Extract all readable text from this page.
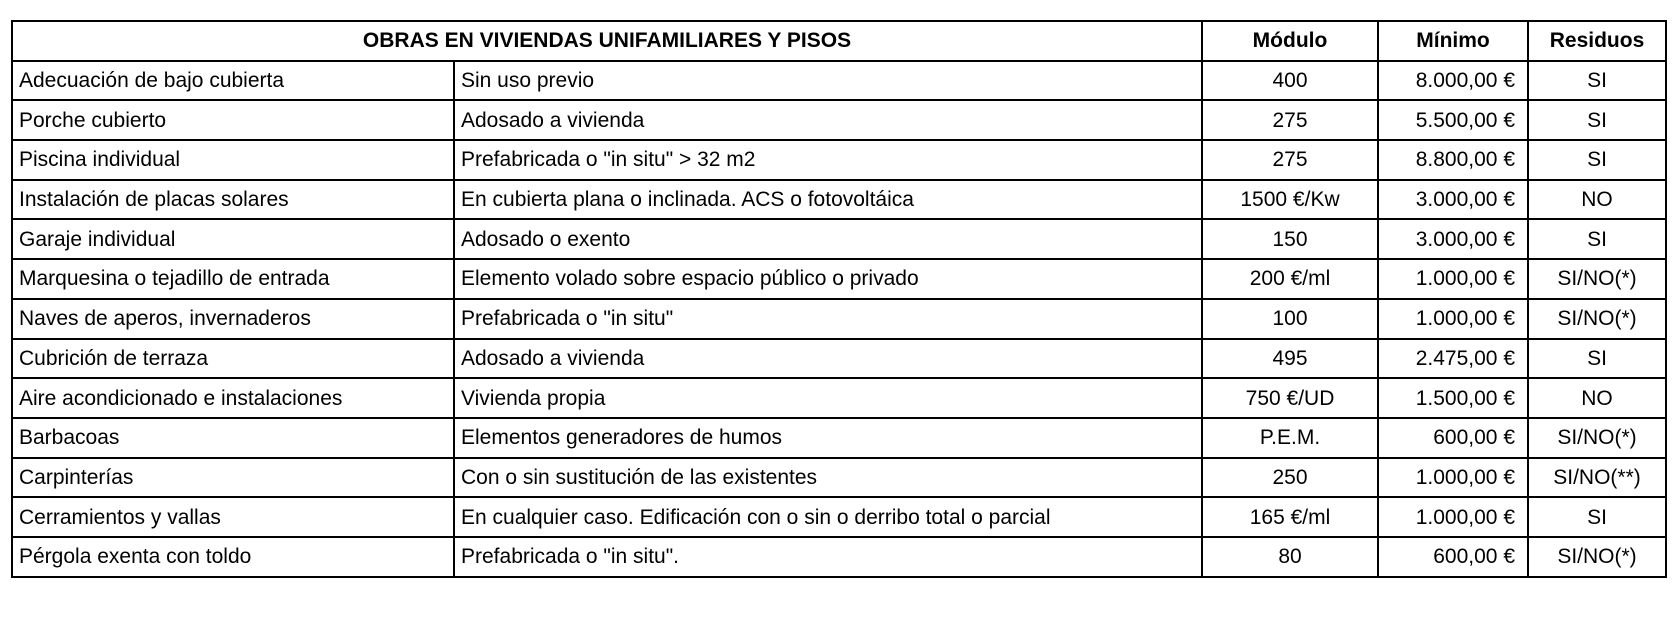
OBRAS EN VIVIENDAS UNIFAMILIARES Y PISOS		Módulo	Mínimo	Residuos
Adecuación de bajo cubierta	Sin uso previo	400	8.000,00 €	SI
Porche cubierto	Adosado a vivienda	275	5.500,00 €	SI
Piscina individual	Prefabricada o "in situ" > 32 m2	275	8.800,00 €	SI
Instalación de placas solares	En cubierta plana o inclinada. ACS o fotovoltáica	1500 €/Kw	3.000,00 €	NO
Garaje individual	Adosado o exento	150	3.000,00 €	SI
Marquesina o tejadillo de entrada	Elemento volado sobre espacio público o privado	200 €/ml	1.000,00 €	SI/NO(*)
Naves de aperos, invernaderos	Prefabricada o "in situ"	100	1.000,00 €	SI/NO(*)
Cubrición de terraza	Adosado a vivienda	495	2.475,00 €	SI
Aire acondicionado e instalaciones	Vivienda propia	750 €/UD	1.500,00 €	NO
Barbacoas	Elementos generadores de humos	P.E.M.	600,00 €	SI/NO(*)
Carpinterías	Con o sin sustitución de las existentes	250	1.000,00 €	SI/NO(**)
Cerramientos y vallas	En cualquier caso. Edificación con o sin o derribo total o parcial	165 €/ml	1.000,00 €	SI
Pérgola exenta con toldo	Prefabricada o "in situ".	80	600,00 €	SI/NO(*)
